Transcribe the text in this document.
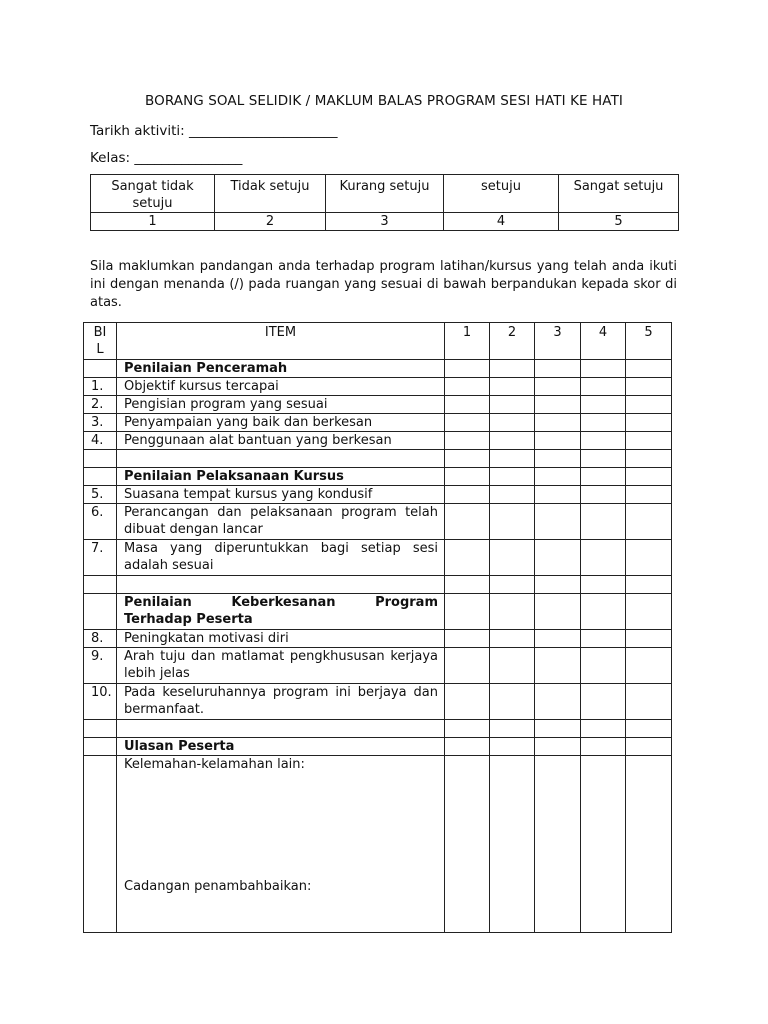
BORANG SOAL SELIDIK / MAKLUM BALAS PROGRAM SESI HATI KE HATI
Tarikh aktiviti: ______________________
Kelas: ________________
Sangat tidak setuju	Tidak setuju	Kurang setuju	setuju	Sangat setuju
1	2	3	4	5
Sila maklumkan pandangan anda terhadap program latihan/kursus yang telah anda ikuti ini dengan menanda (/) pada ruangan yang sesuai di bawah berpandukan kepada skor di atas.
BIL	ITEM	1	2	3	4	5
	Penilaian Penceramah					
1.	Objektif kursus tercapai					
2.	Pengisian program yang sesuai					
3.	Penyampaian yang baik dan berkesan					
4.	Penggunaan alat bantuan yang berkesan					

	Penilaian Pelaksanaan Kursus					
5.	Suasana tempat kursus yang kondusif					
6.	Perancangan dan pelaksanaan program telah dibuat dengan lancar					
7.	Masa yang diperuntukkan bagi setiap sesi adalah sesuai					

	Penilaian Keberkesanan Program Terhadap Peserta					
8.	Peningkatan motivasi diri					
9.	Arah tuju dan matlamat pengkhususan kerjaya lebih jelas					
10.	Pada keseluruhannya program ini berjaya dan bermanfaat.					

	Ulasan Peserta					

	Kelemahan-kelamahan lain:
Cadangan penambahbaikan:					
